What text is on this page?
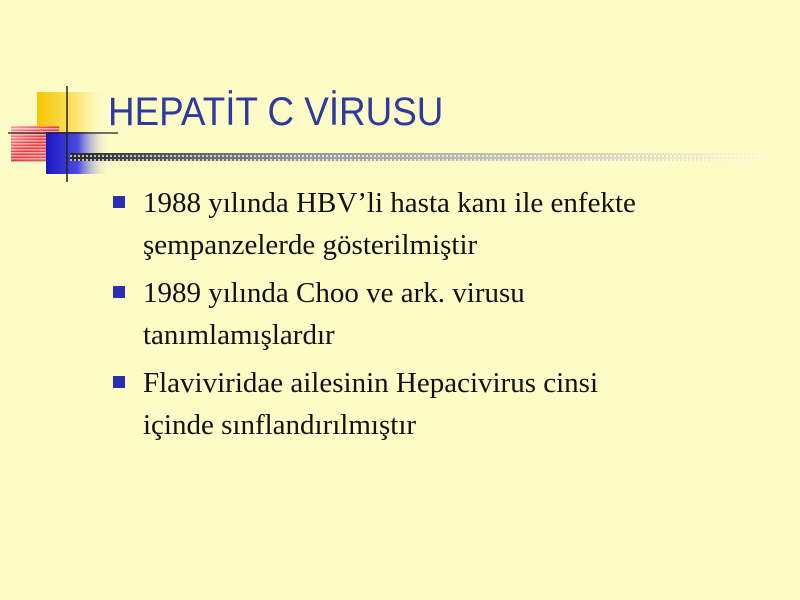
HEPATİT C VİRUSU
1988 yılında HBV’li hasta kanı ile enfekte
şempanzelerde gösterilmiştir
1989 yılında Choo ve ark. virusu
tanımlamışlardır
Flaviviridae ailesinin Hepacivirus cinsi
içinde sınflandırılmıştır
